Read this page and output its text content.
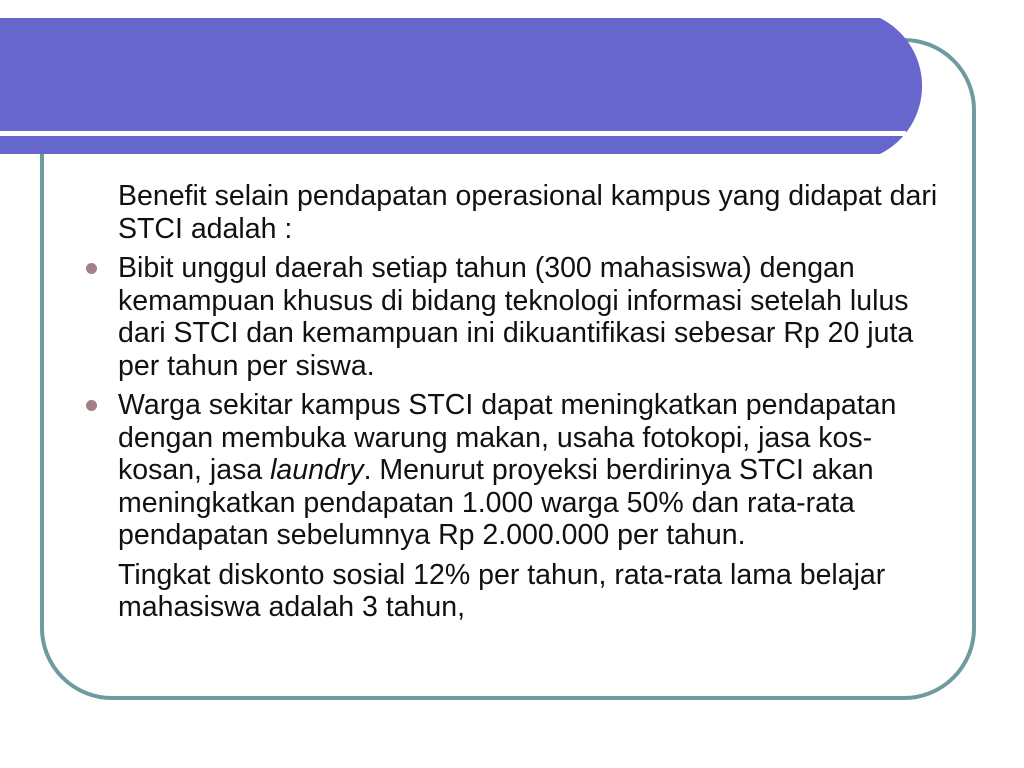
Benefit selain pendapatan operasional kampus yang didapat dari STCI adalah :

Bibit unggul daerah setiap tahun (300 mahasiswa) dengan kemampuan khusus di bidang teknologi informasi setelah lulus dari STCI dan kemampuan ini dikuantifikasi sebesar Rp 20 juta per tahun per siswa.

Warga sekitar kampus STCI dapat meningkatkan pendapatan dengan membuka warung makan, usaha fotokopi, jasa kos-kosan, jasa laundry. Menurut proyeksi berdirinya STCI akan meningkatkan pendapatan 1.000 warga 50% dan rata-rata pendapatan sebelumnya Rp 2.000.000 per tahun.

Tingkat diskonto sosial 12% per tahun, rata-rata lama belajar mahasiswa adalah 3 tahun,
